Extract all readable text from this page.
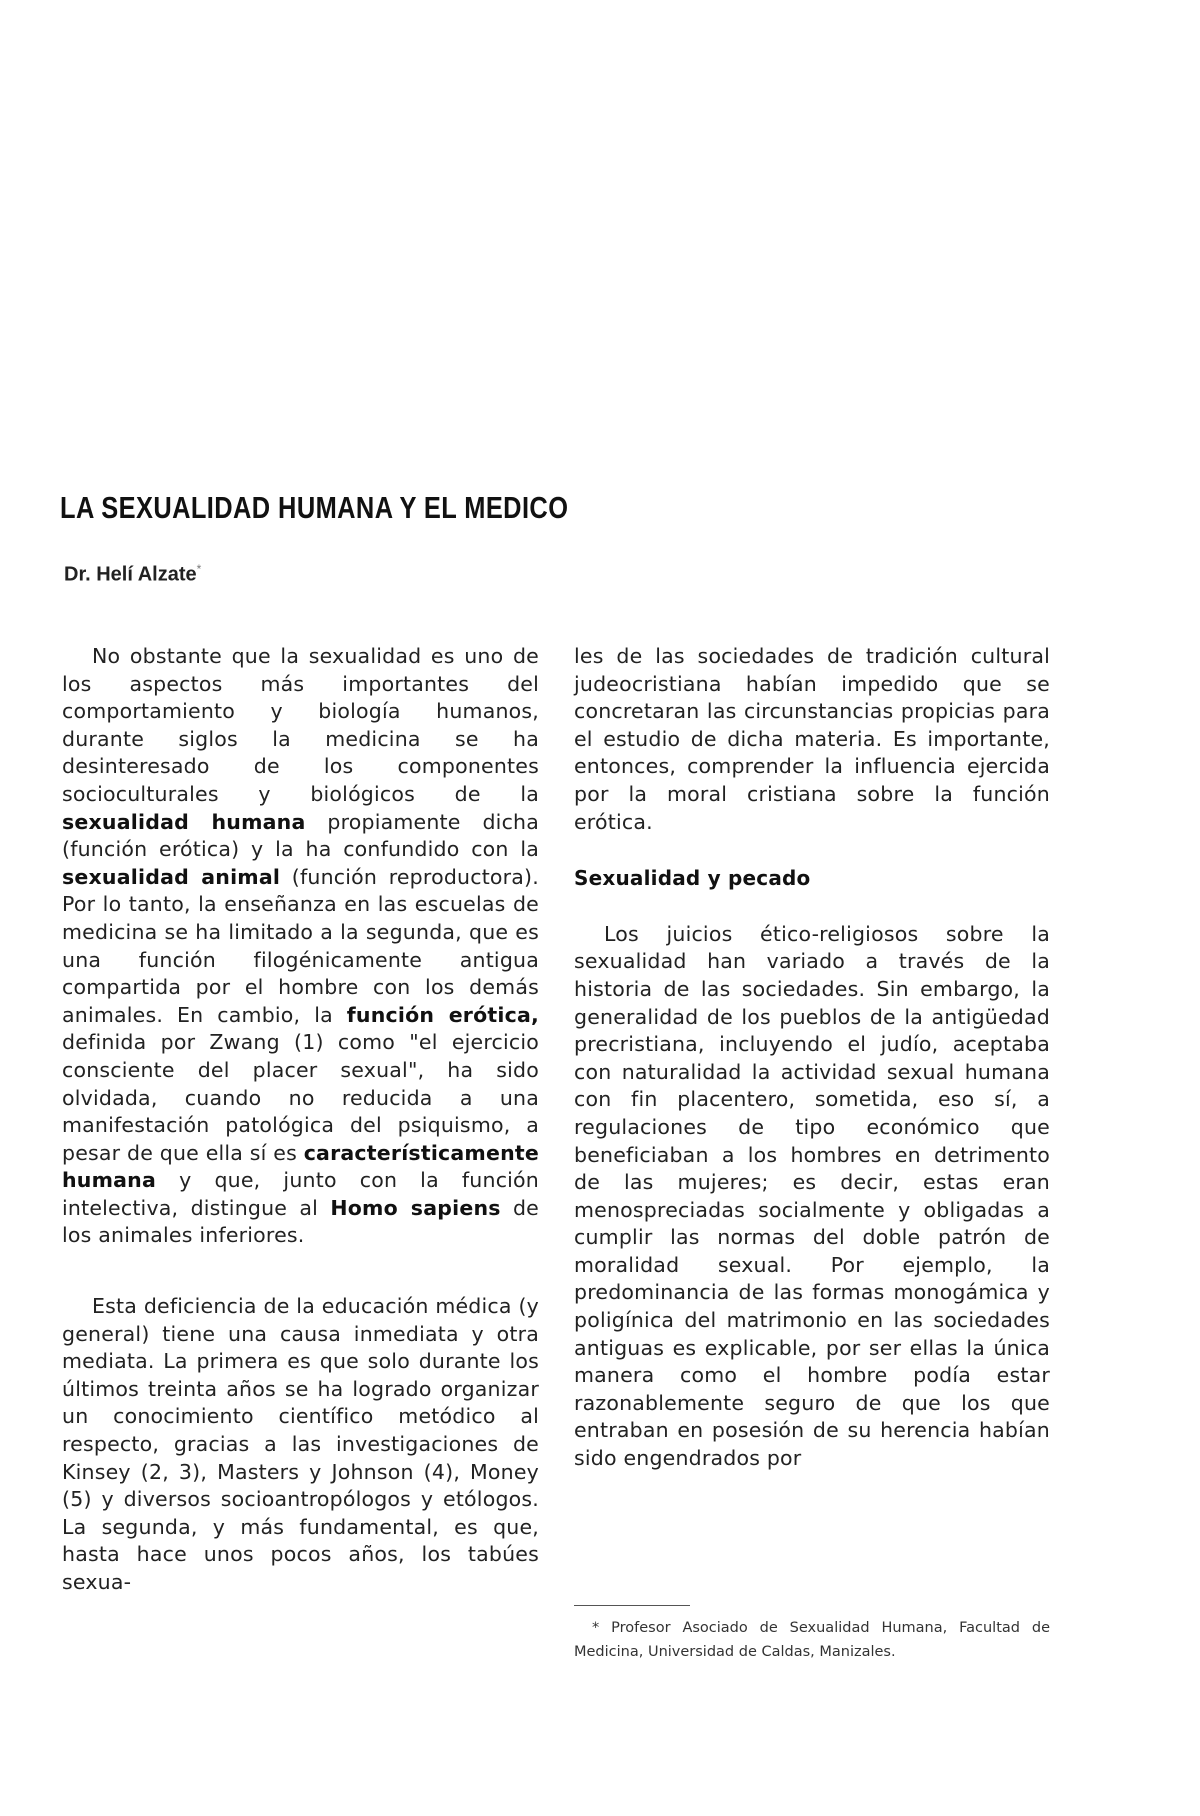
LA SEXUALIDAD HUMANA Y EL MEDICO

Dr. Helí Alzate*

No obstante que la sexualidad es uno de los aspectos más importantes del comportamiento y biología humanos, durante siglos la medicina se ha desinteresado de los componentes socioculturales y biológicos de la sexualidad humana propiamente dicha (función erótica) y la ha confundido con la sexualidad animal (función reproductora). Por lo tanto, la enseñanza en las escuelas de medicina se ha limitado a la segunda, que es una función filogénicamente antigua compartida por el hombre con los demás animales. En cambio, la función erótica, definida por Zwang (1) como "el ejercicio consciente del placer sexual", ha sido olvidada, cuando no reducida a una manifestación patológica del psiquismo, a pesar de que ella sí es característicamente humana y que, junto con la función intelectiva, distingue al Homo sapiens de los animales inferiores.

Esta deficiencia de la educación médica (y general) tiene una causa inmediata y otra mediata. La primera es que solo durante los últimos treinta años se ha logrado organizar un conocimiento científico metódico al respecto, gracias a las investigaciones de Kinsey (2, 3), Masters y Johnson (4), Money (5) y diversos socioantropólogos y etólogos. La segunda, y más fundamental, es que, hasta hace unos pocos años, los tabúes sexua-

les de las sociedades de tradición cultural judeocristiana habían impedido que se concretaran las circunstancias propicias para el estudio de dicha materia. Es importante, entonces, comprender la influencia ejercida por la moral cristiana sobre la función erótica.

Sexualidad y pecado

Los juicios ético-religiosos sobre la sexualidad han variado a través de la historia de las sociedades. Sin embargo, la generalidad de los pueblos de la antigüedad precristiana, incluyendo el judío, aceptaba con naturalidad la actividad sexual humana con fin placentero, sometida, eso sí, a regulaciones de tipo económico que beneficiaban a los hombres en detrimento de las mujeres; es decir, estas eran menospreciadas socialmente y obligadas a cumplir las normas del doble patrón de moralidad sexual. Por ejemplo, la predominancia de las formas monogámica y poligínica del matrimonio en las sociedades antiguas es explicable, por ser ellas la única manera como el hombre podía estar razonablemente seguro de que los que entraban en posesión de su herencia habían sido engendrados por

* Profesor Asociado de Sexualidad Humana, Facultad de Medicina, Universidad de Caldas, Manizales.
